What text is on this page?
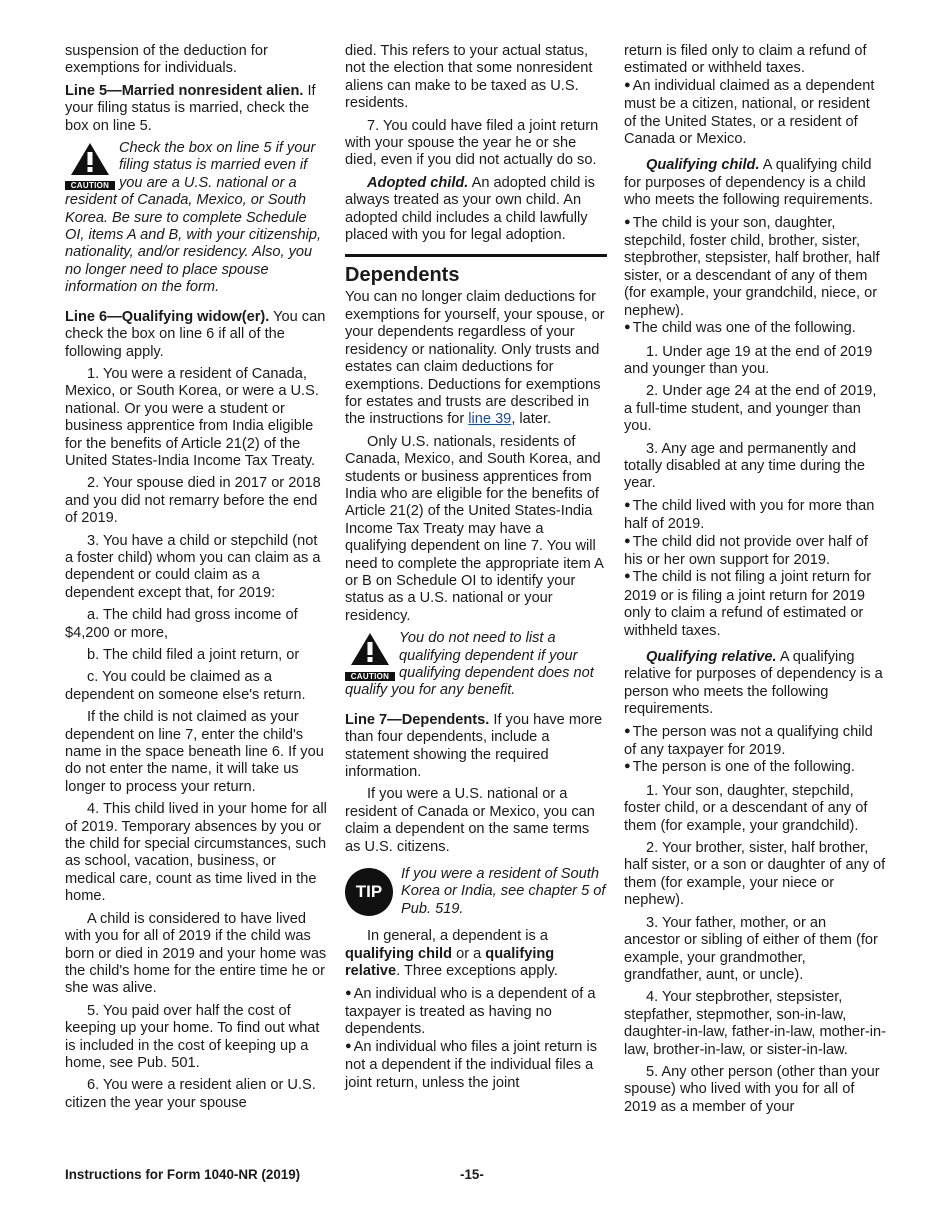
suspension of the deduction for exemptions for individuals.

Line 5—Married nonresident alien. If your filing status is married, check the box on line 5.

CAUTION
Check the box on line 5 if your filing status is married even if you are a U.S. national or a resident of Canada, Mexico, or South Korea. Be sure to complete Schedule OI, items A and B, with your citizenship, nationality, and/or residency. Also, you no longer need to place spouse information on the form.

Line 6—Qualifying widow(er). You can check the box on line 6 if all of the following apply.

1. You were a resident of Canada, Mexico, or South Korea, or were a U.S. national. Or you were a student or business apprentice from India eligible for the benefits of Article 21(2) of the United States-India Income Tax Treaty.

2. Your spouse died in 2017 or 2018 and you did not remarry before the end of 2019.

3. You have a child or stepchild (not a foster child) whom you can claim as a dependent or could claim as a dependent except that, for 2019:

a. The child had gross income of $4,200 or more,

b. The child filed a joint return, or

c. You could be claimed as a dependent on someone else's return.

If the child is not claimed as your dependent on line 7, enter the child's name in the space beneath line 6. If you do not enter the name, it will take us longer to process your return.

4. This child lived in your home for all of 2019. Temporary absences by you or the child for special circumstances, such as school, vacation, business, or medical care, count as time lived in the home.

A child is considered to have lived with you for all of 2019 if the child was born or died in 2019 and your home was the child's home for the entire time he or she was alive.

5. You paid over half the cost of keeping up your home. To find out what is included in the cost of keeping up a home, see Pub. 501.

6. You were a resident alien or U.S. citizen the year your spouse

died. This refers to your actual status, not the election that some nonresident aliens can make to be taxed as U.S. residents.

7. You could have filed a joint return with your spouse the year he or she died, even if you did not actually do so.

Adopted child. An adopted child is always treated as your own child. An adopted child includes a child lawfully placed with you for legal adoption.

Dependents

You can no longer claim deductions for exemptions for yourself, your spouse, or your dependents regardless of your residency or nationality. Only trusts and estates can claim deductions for exemptions. Deductions for exemptions for estates and trusts are described in the instructions for line 39, later.

Only U.S. nationals, residents of Canada, Mexico, and South Korea, and students or business apprentices from India who are eligible for the benefits of Article 21(2) of the United States-India Income Tax Treaty may have a qualifying dependent on line 7. You will need to complete the appropriate item A or B on Schedule OI to identify your status as a U.S. national or your residency.

CAUTION
You do not need to list a qualifying dependent if your qualifying dependent does not qualify you for any benefit.

Line 7—Dependents. If you have more than four dependents, include a statement showing the required information.

If you were a U.S. national or a resident of Canada or Mexico, you can claim a dependent on the same terms as U.S. citizens.

TIP
If you were a resident of South Korea or India, see chapter 5 of Pub. 519.

In general, a dependent is a qualifying child or a qualifying relative. Three exceptions apply.

● An individual who is a dependent of a taxpayer is treated as having no dependents.

● An individual who files a joint return is not a dependent if the individual files a joint return, unless the joint

return is filed only to claim a refund of estimated or withheld taxes.

● An individual claimed as a dependent must be a citizen, national, or resident of the United States, or a resident of Canada or Mexico.

Qualifying child. A qualifying child for purposes of dependency is a child who meets the following requirements.

● The child is your son, daughter, stepchild, foster child, brother, sister, stepbrother, stepsister, half brother, half sister, or a descendant of any of them (for example, your grandchild, niece, or nephew).

● The child was one of the following.

1. Under age 19 at the end of 2019 and younger than you.

2. Under age 24 at the end of 2019, a full-time student, and younger than you.

3. Any age and permanently and totally disabled at any time during the year.

● The child lived with you for more than half of 2019.

● The child did not provide over half of his or her own support for 2019.

● The child is not filing a joint return for 2019 or is filing a joint return for 2019 only to claim a refund of estimated or withheld taxes.

Qualifying relative. A qualifying relative for purposes of dependency is a person who meets the following requirements.

● The person was not a qualifying child of any taxpayer for 2019.

● The person is one of the following.

1. Your son, daughter, stepchild, foster child, or a descendant of any of them (for example, your grandchild).

2. Your brother, sister, half brother, half sister, or a son or daughter of any of them (for example, your niece or nephew).

3. Your father, mother, or an ancestor or sibling of either of them (for example, your grandmother, grandfather, aunt, or uncle).

4. Your stepbrother, stepsister, stepfather, stepmother, son-in-law, daughter-in-law, father-in-law, mother-in-law, brother-in-law, or sister-in-law.

5. Any other person (other than your spouse) who lived with you for all of 2019 as a member of your

Instructions for Form 1040-NR (2019)	-15-
